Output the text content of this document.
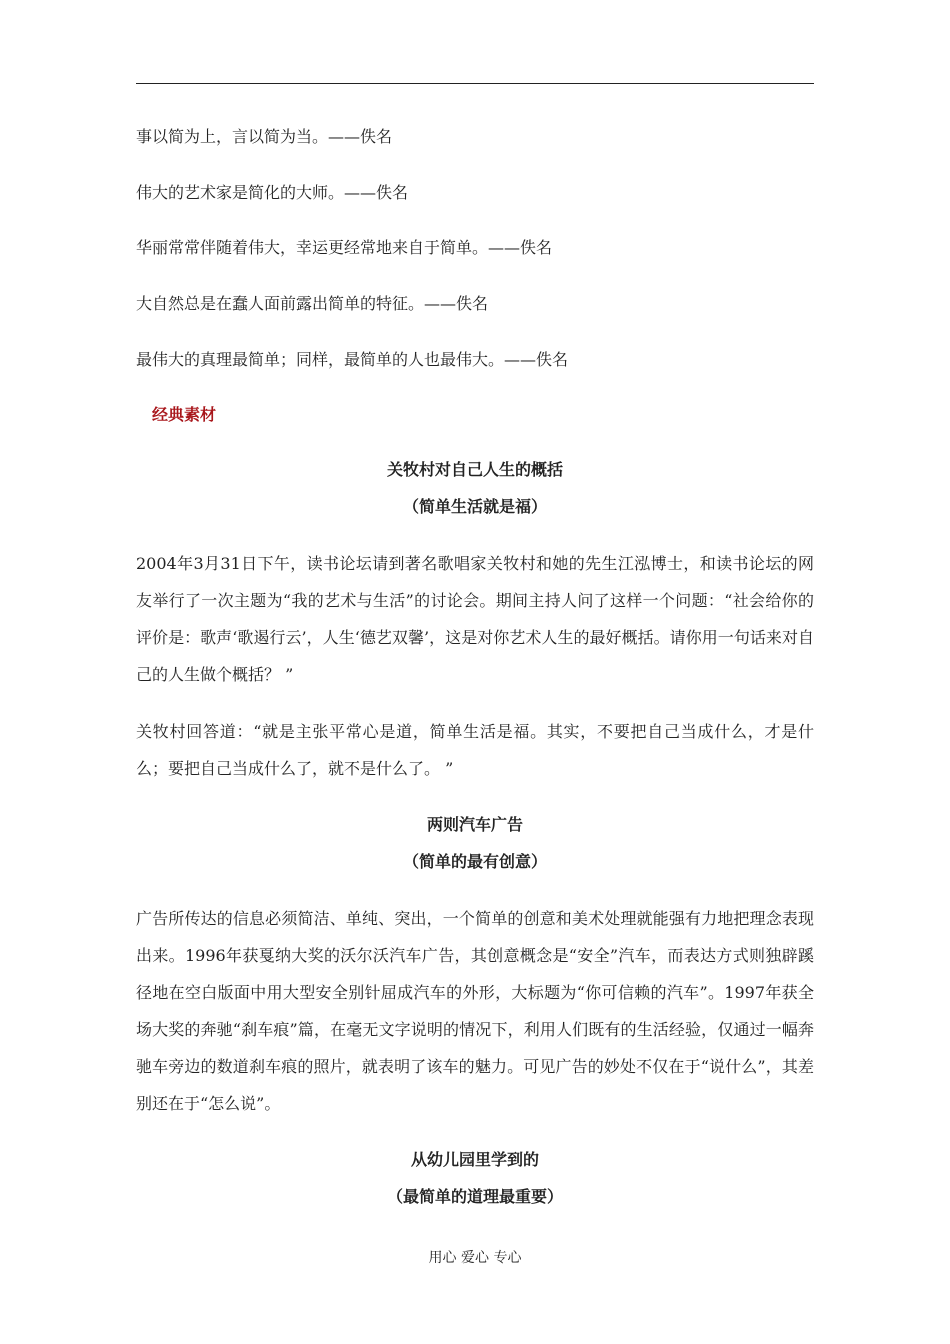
事以简为上，言以简为当。——佚名
伟大的艺术家是简化的大师。——佚名
华丽常常伴随着伟大，幸运更经常地来自于简单。——佚名
大自然总是在蠢人面前露出简单的特征。——佚名
最伟大的真理最简单；同样，最简单的人也最伟大。——佚名
经典素材
关牧村对自己人生的概括
（简单生活就是福）
2004年3月31日下午，读书论坛请到著名歌唱家关牧村和她的先生江泓博士，和读书论坛的网友举行了一次主题为“我的艺术与生活”的讨论会。期间主持人问了这样一个问题：“社会给你的评价是：歌声‘歌遏行云’，人生‘德艺双馨’，这是对你艺术人生的最好概括。请你用一句话来对自己的人生做个概括？ ”
关牧村回答道：“就是主张平常心是道，简单生活是福。其实，不要把自己当成什么，才是什么；要把自己当成什么了，就不是什么了。 ”
两则汽车广告
（简单的最有创意）
广告所传达的信息必须简洁、单纯、突出，一个简单的创意和美术处理就能强有力地把理念表现出来。1996年获戛纳大奖的沃尔沃汽车广告，其创意概念是“安全”汽车，而表达方式则独辟蹊径地在空白版面中用大型安全别针屈成汽车的外形，大标题为“你可信赖的汽车”。1997年获全场大奖的奔驰“刹车痕”篇，在毫无文字说明的情况下，利用人们既有的生活经验，仅通过一幅奔驰车旁边的数道刹车痕的照片，就表明了该车的魅力。可见广告的妙处不仅在于“说什么”，其差别还在于“怎么说”。
从幼儿园里学到的
（最简单的道理最重要）
用心 爱心 专心
